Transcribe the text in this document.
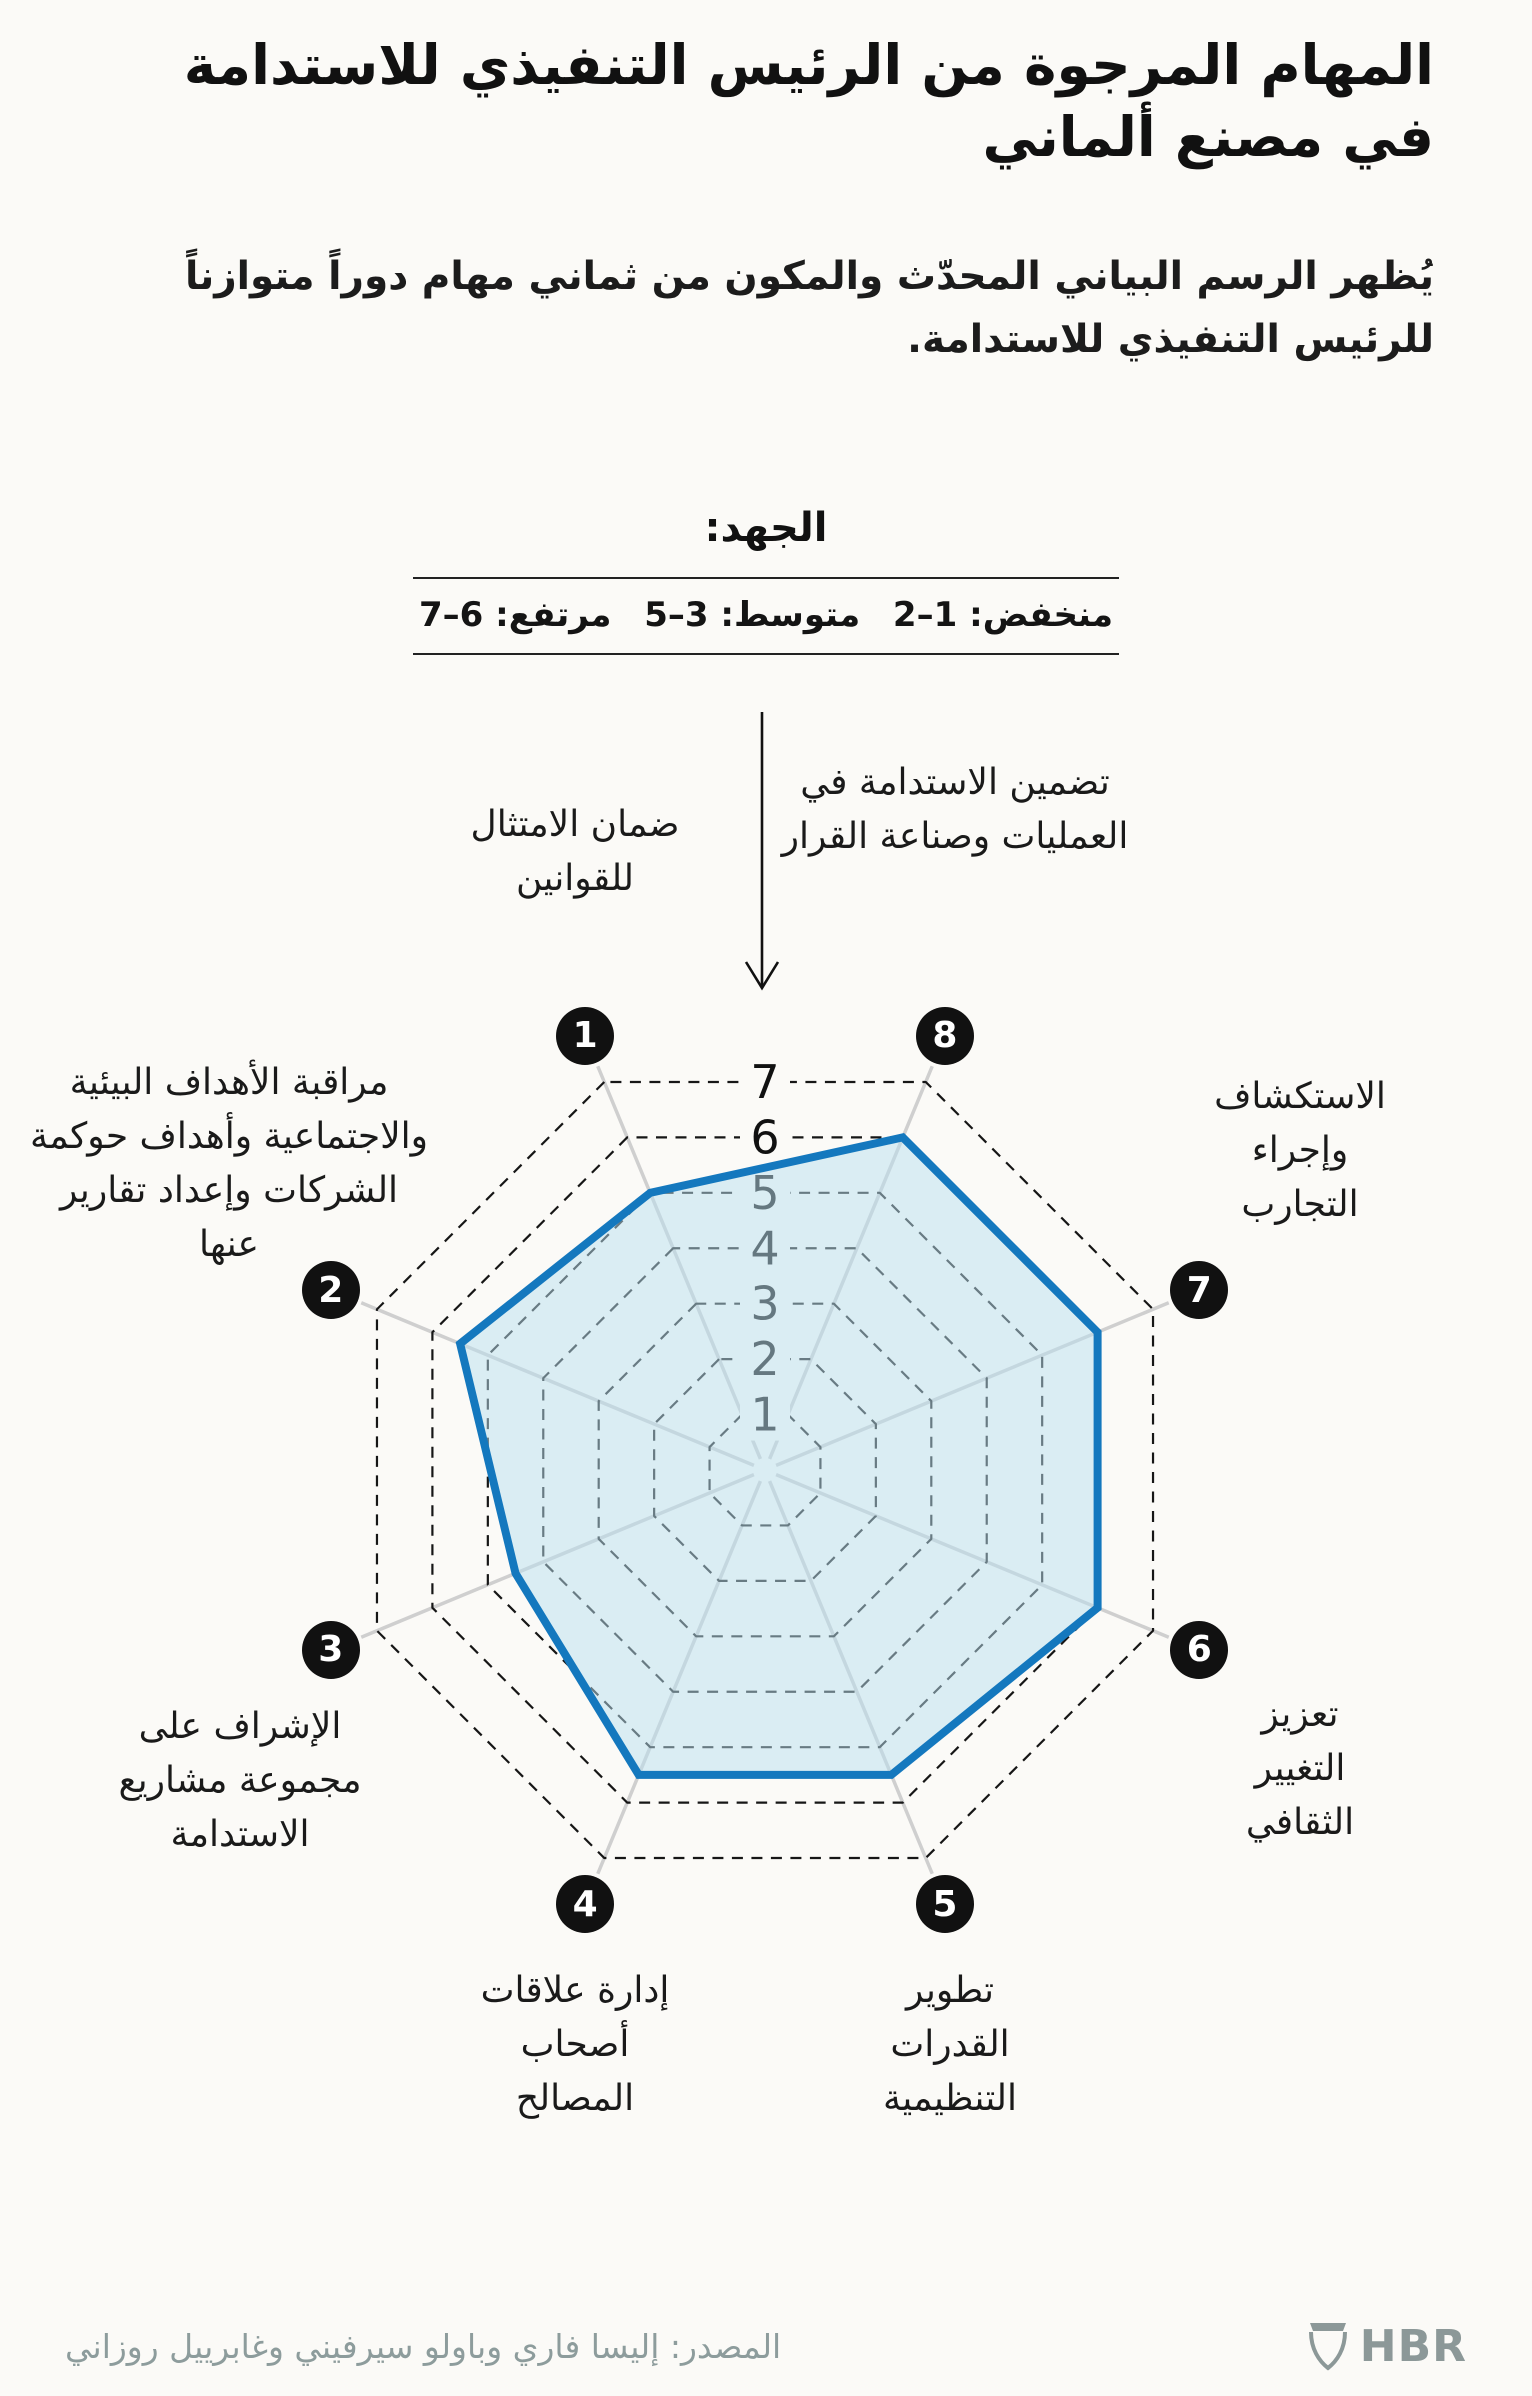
المهام المرجوة من الرئيس التنفيذي للاستدامة في مصنع ألماني

يُظهر الرسم البياني المحدّث والمكون من ثماني مهام دوراً متوازناً للرئيس التنفيذي للاستدامة.

الجهد:
منخفض: 1–2
متوسط: 3–5
مرتفع: 6–7
6
7
1
2
3
4	5
6
7
8
ضمان الامتثال للقوانين
مراقبة الأهداف البيئية والاجتماعية وأهداف حوكمة الشركات وإعداد تقارير عنها
الإشراف على مجموعة مشاريع الاستدامة
إدارة علاقات أصحاب المصالح
تطوير القدرات التنظيمية
تعزيز التغيير الثقافي
الاستكشاف وإجراء التجارب
تضمين الاستدامة في العمليات وصناعة القرار
HBR
المصدر: إليسا فاري وباولو سيرفيني وغابرييل روزاني
